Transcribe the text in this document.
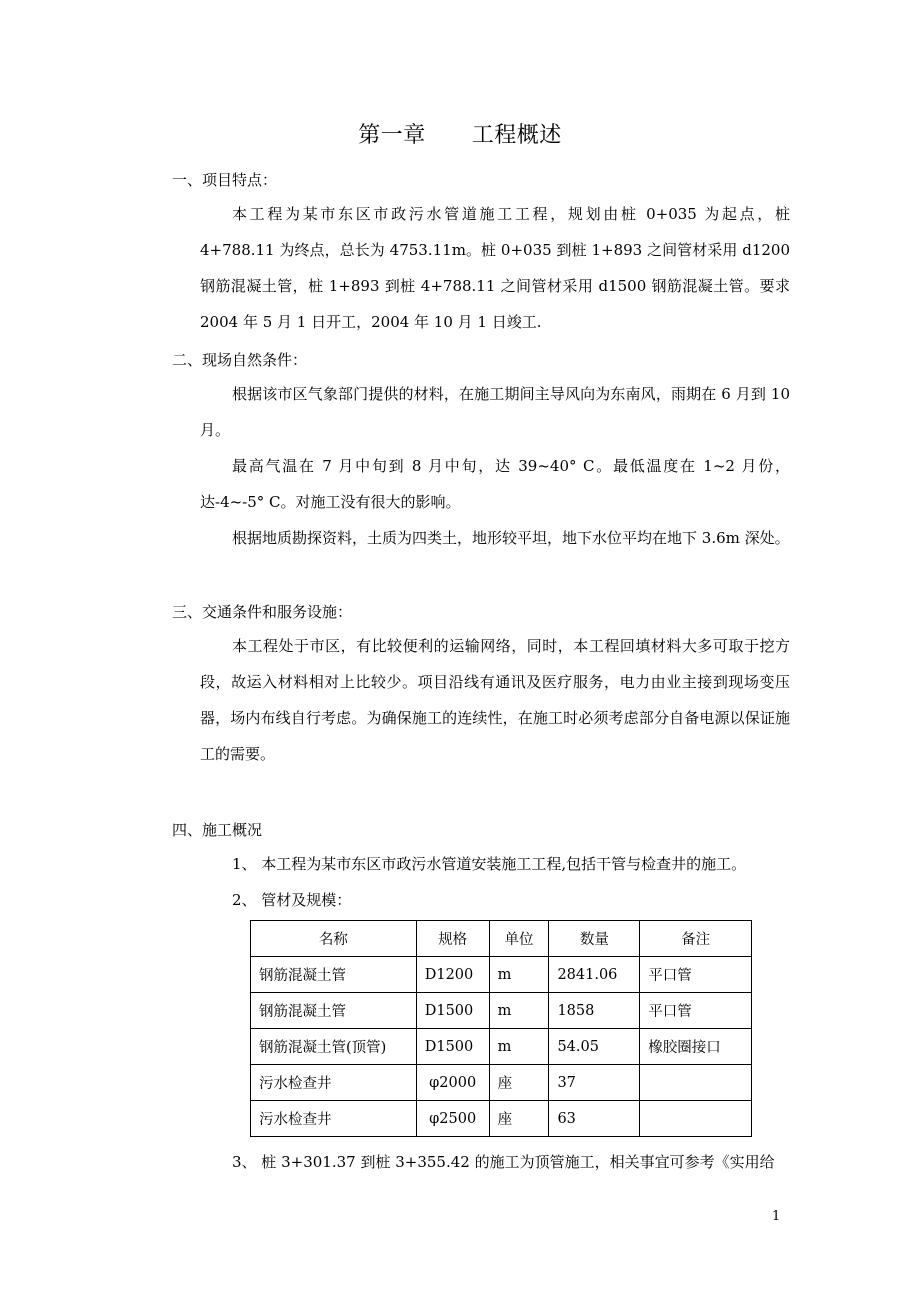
第一章 工程概述
一、项目特点：

本工程为某市东区市政污水管道施工工程，规划由桩 0+035 为起点，桩 4+788.11 为终点，总长为 4753.11m。桩 0+035 到桩 1+893 之间管材采用 d1200 钢筋混凝土管，桩 1+893 到桩 4+788.11 之间管材采用 d1500 钢筋混凝土管。要求 2004 年 5 月 1 日开工，2004 年 10 月 1 日竣工.

二、现场自然条件：

根据该市区气象部门提供的材料，在施工期间主导风向为东南风，雨期在 6 月到 10 月。

最高气温在 7 月中旬到 8 月中旬，达 39~40° C。最低温度在 1~2 月份，达-4~-5° C。对施工没有很大的影响。

根据地质勘探资料，土质为四类土，地形较平坦，地下水位平均在地下 3.6m 深处。

三、交通条件和服务设施：

本工程处于市区，有比较便利的运输网络，同时，本工程回填材料大多可取于挖方段，故运入材料相对上比较少。项目沿线有通讯及医疗服务，电力由业主接到现场变压器，场内布线自行考虑。为确保施工的连续性，在施工时必须考虑部分自备电源以保证施工的需要。

四、施工概况
1、 本工程为某市东区市政污水管道安装施工工程,包括干管与检查井的施工。
2、 管材及规模：
名称	规格	单位	数量	备注
钢筋混凝土管	D1200	m	2841.06	平口管
钢筋混凝土管	D1500	m	1858	平口管
钢筋混凝土管(顶管)	D1500	m	54.05	橡胶圈接口
污水检查井	φ2000	座	37	
污水检查井	φ2500	座	63	
3、 桩 3+301.37 到桩 3+355.42 的施工为顶管施工，相关事宜可参考《实用给
1
